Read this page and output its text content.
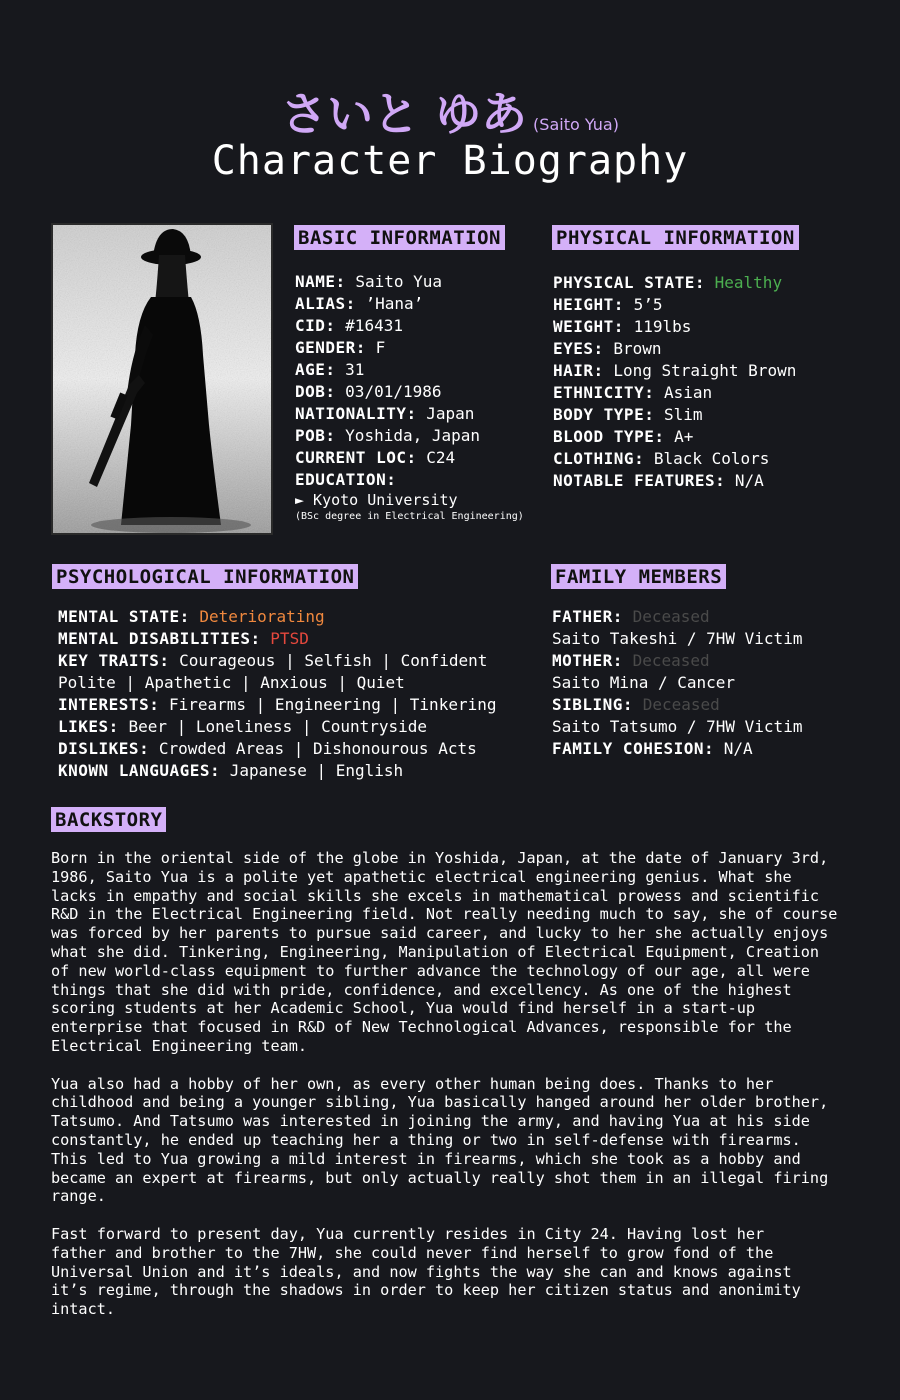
さいと ゆあ (Saito Yua)
Character Biography
BASIC INFORMATION
NAME: Saito Yua
ALIAS: ’Hana’
CID: #16431
GENDER: F
AGE: 31
DOB: 03/01/1986
NATIONALITY: Japan
POB: Yoshida, Japan
CURRENT LOC: C24
EDUCATION:
► Kyoto University
(BSc degree in Electrical Engineering)
PHYSICAL INFORMATION
PHYSICAL STATE: Healthy
HEIGHT: 5’5
WEIGHT: 119lbs
EYES: Brown
HAIR: Long Straight Brown
ETHNICITY: Asian
BODY TYPE: Slim
BLOOD TYPE: A+
CLOTHING: Black Colors
NOTABLE FEATURES: N/A
PSYCHOLOGICAL INFORMATION
MENTAL STATE: Deteriorating
MENTAL DISABILITIES: PTSD
KEY TRAITS: Courageous | Selfish | Confident
Polite | Apathetic | Anxious | Quiet
INTERESTS: Firearms | Engineering | Tinkering
LIKES: Beer | Loneliness | Countryside
DISLIKES: Crowded Areas | Dishonourous Acts
KNOWN LANGUAGES: Japanese | English
FAMILY MEMBERS
FATHER: Deceased
Saito Takeshi / 7HW Victim
MOTHER: Deceased
Saito Mina / Cancer
SIBLING: Deceased
Saito Tatsumo / 7HW Victim
FAMILY COHESION: N/A
BACKSTORY

Born in the oriental side of the globe in Yoshida, Japan, at the date of January 3rd,
1986, Saito Yua is a polite yet apathetic electrical engineering genius. What she
lacks in empathy and social skills she excels in mathematical prowess and scientific
R&D in the Electrical Engineering field. Not really needing much to say, she of course
was forced by her parents to pursue said career, and lucky to her she actually enjoys
what she did. Tinkering, Engineering, Manipulation of Electrical Equipment, Creation
of new world-class equipment to further advance the technology of our age, all were
things that she did with pride, confidence, and excellency. As one of the highest
scoring students at her Academic School, Yua would find herself in a start-up
enterprise that focused in R&D of New Technological Advances, responsible for the
Electrical Engineering team.

Yua also had a hobby of her own, as every other human being does. Thanks to her
childhood and being a younger sibling, Yua basically hanged around her older brother,
Tatsumo. And Tatsumo was interested in joining the army, and having Yua at his side
constantly, he ended up teaching her a thing or two in self-defense with firearms.
This led to Yua growing a mild interest in firearms, which she took as a hobby and
became an expert at firearms, but only actually really shot them in an illegal firing
range.

Fast forward to present day, Yua currently resides in City 24. Having lost her
father and brother to the 7HW, she could never find herself to grow fond of the
Universal Union and it’s ideals, and now fights the way she can and knows against
it’s regime, through the shadows in order to keep her citizen status and anonimity
intact.
